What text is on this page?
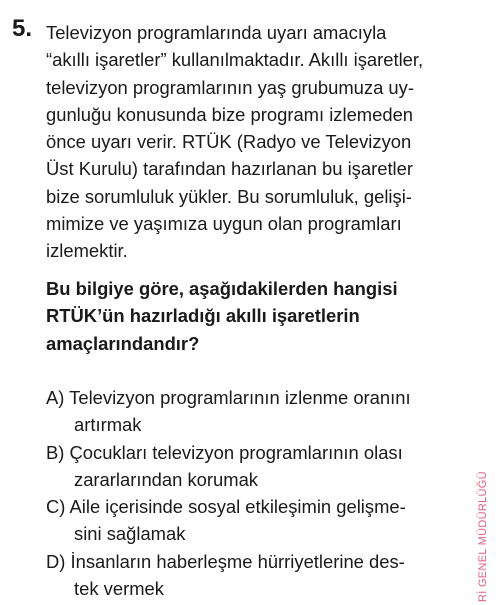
5. Televizyon programlarında uyarı amacıyla
“akıllı işaretler” kullanılmaktadır. Akıllı işaretler,
televizyon programlarının yaş grubumuza uy-
gunluğu konusunda bize programı izlemeden
önce uyarı verir. RTÜK (Radyo ve Televizyon
Üst Kurulu) tarafından hazırlanan bu işaretler
bize sorumluluk yükler. Bu sorumluluk, gelişi-
mimize ve yaşımıza uygun olan programları
izlemektir.
Bu bilgiye göre, aşağıdakilerden hangisi
RTÜK’ün hazırladığı akıllı işaretlerin
amaçlarındandır?
A) Televizyon programlarının izlenme oranını
artırmak
B) Çocukları televizyon programlarının olası
zararlarından korumak
C) Aile içerisinde sosyal etkileşimin gelişme-
sini sağlamak
D) İnsanların haberleşme hürriyetlerine des-
tek vermek	Rİ GENEL MÜDÜRLÜĞÜ
